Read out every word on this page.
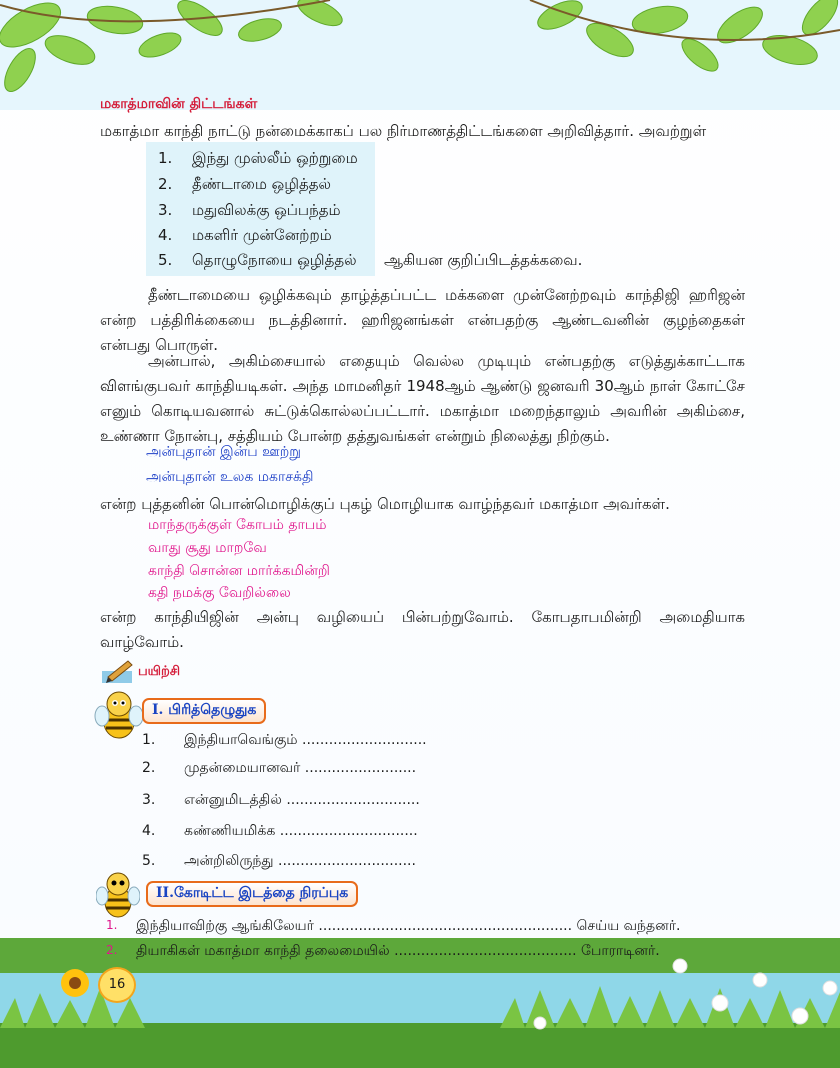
மகாத்மாவின் திட்டங்கள்
மகாத்மா காந்தி நாட்டு நன்மைக்காகப் பல நிர்மாணத்திட்டங்களை அறிவித்தார். அவற்றுள்
1. இந்து முஸ்லீம் ஒற்றுமை
2. தீண்டாமை ஒழித்தல்
3. மதுவிலக்கு ஒப்பந்தம்
4. மகளிர் முன்னேற்றம்
5. தொழுநோயை ஒழித்தல் ஆகியன குறிப்பிடத்தக்கவை.
தீண்டாமையை ஒழிக்கவும் தாழ்த்தப்பட்ட மக்களை முன்னேற்றவும் காந்திஜி ஹரிஜன் என்ற பத்திரிக்கையை நடத்தினார். ஹரிஜனங்கள் என்பதற்கு ஆண்டவனின் குழந்தைகள் என்பது பொருள்.
அன்பால், அகிம்சையால் எதையும் வெல்ல முடியும் என்பதற்கு எடுத்துக்காட்டாக விளங்குபவர் காந்தியடிகள். அந்த மாமனிதர் 1948ஆம் ஆண்டு ஜனவரி 30ஆம் நாள் கோட்சே எனும் கொடியவனால் சுட்டுக்கொல்லப்பட்டார். மகாத்மா மறைந்தாலும் அவரின் அகிம்சை, உண்ணா நோன்பு, சத்தியம் போன்ற தத்துவங்கள் என்றும் நிலைத்து நிற்கும்.
அன்புதான் இன்ப ஊற்று
அன்புதான் உலக மகாசக்தி
என்ற புத்தனின் பொன்மொழிக்குப் புகழ் மொழியாக வாழ்ந்தவர் மகாத்மா அவர்கள்.
மாந்தருக்குள் கோபம் தாபம்
வாது சூது மாறவே
காந்தி சொன்ன மார்க்கமின்றி
கதி நமக்கு வேறில்லை
என்ற காந்தியிஜின் அன்பு வழியைப் பின்பற்றுவோம். கோபதாபமின்றி அமைதியாக வாழ்வோம்.
பயிற்சி
I. பிரித்தெழுதுக
1. இந்தியாவெங்கும் ............................
2. முதன்மையானவர் .........................
3. என்னுமிடத்தில் ..............................
4. கண்ணியமிக்க ...............................
5. அன்றிலிருந்து ...............................
II.கோடிட்ட இடத்தை நிரப்புக
1. இந்தியாவிற்கு ஆங்கிலேயர் ......................................................... செய்ய வந்தனர்.
2. தியாகிகள் மகாத்மா காந்தி தலைமையில் ......................................... போராடினர்.
16
